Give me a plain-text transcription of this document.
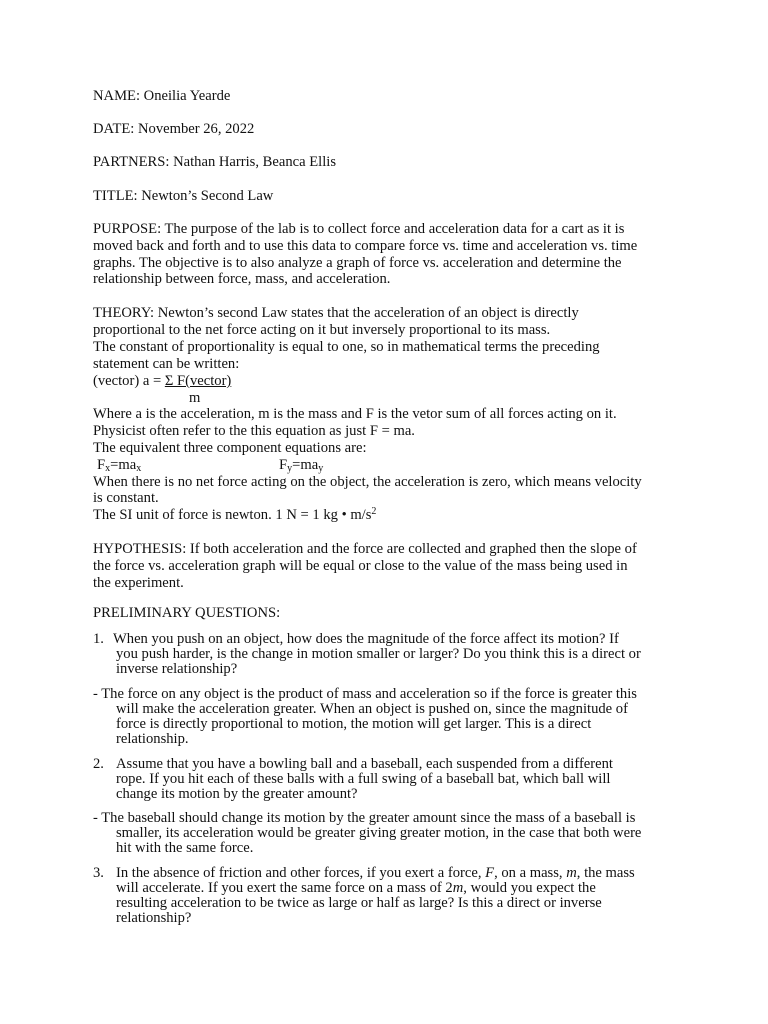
NAME: Oneilia Yearde
DATE: November 26, 2022
PARTNERS: Nathan Harris, Beanca Ellis
TITLE: Newton’s Second Law
PURPOSE: The purpose of the lab is to collect force and acceleration data for a cart as it is
moved back and forth and to use this data to compare force vs. time and acceleration vs. time
graphs. The objective is to also analyze a graph of force vs. acceleration and determine the
relationship between force, mass, and acceleration.
THEORY: Newton’s second Law states that the acceleration of an object is directly
proportional to the net force acting on it but inversely proportional to its mass.
The constant of proportionality is equal to one, so in mathematical terms the preceding
statement can be written:
(vector) a = Σ F(vector)
m
Where a is the acceleration, m is the mass and F is the vetor sum of all forces acting on it.
Physicist often refer to the this equation as just F = ma.
The equivalent three component equations are:
$F_x=ma_x$	$F_y=ma_y$
When there is no net force acting on the object, the acceleration is zero, which means velocity
is constant.
The SI unit of force is newton. 1 N = 1 kg • $m/s^2$
HYPOTHESIS: If both acceleration and the force are collected and graphed then the slope of
the force vs. acceleration graph will be equal or close to the value of the mass being used in
the experiment.
PRELIMINARY QUESTIONS:
1. When you push on an object, how does the magnitude of the force affect its motion? If
you push harder, is the change in motion smaller or larger? Do you think this is a direct or
inverse relationship?
- The force on any object is the product of mass and acceleration so if the force is greater this
will make the acceleration greater. When an object is pushed on, since the magnitude of
force is directly proportional to motion, the motion will get larger. This is a direct
relationship.
2. Assume that you have a bowling ball and a baseball, each suspended from a different
rope. If you hit each of these balls with a full swing of a baseball bat, which ball will
change its motion by the greater amount?
- The baseball should change its motion by the greater amount since the mass of a baseball is
smaller, its acceleration would be greater giving greater motion, in the case that both were
hit with the same force.
3. In the absence of friction and other forces, if you exert a force, F, on a mass, m, the mass
will accelerate. If you exert the same force on a mass of 2m, would you expect the
resulting acceleration to be twice as large or half as large? Is this a direct or inverse
relationship?
